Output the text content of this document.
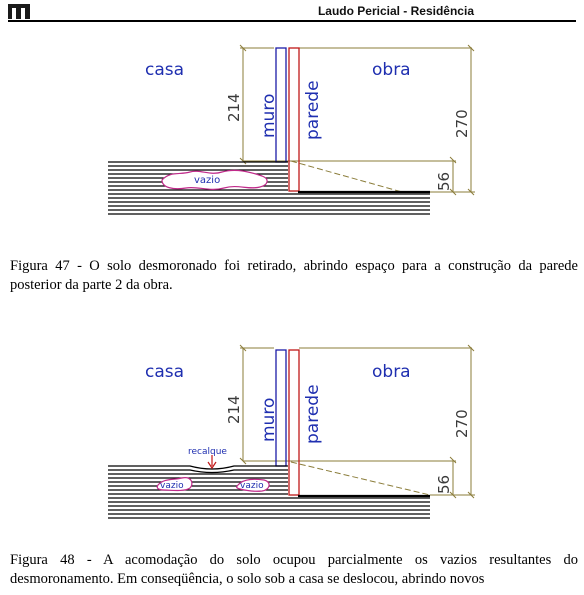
Laudo Pericial - Residência
casa	obra
muro parede
214
270
56
vazio
Figura 47 - O solo desmoronado foi retirado, abrindo espaço para a construção da parede posterior da parte 2 da obra.
casa	obra
muro parede
214	270
56
recalque
vazio	vazio
Figura 48 - A acomodação do solo ocupou parcialmente os vazios resultantes do desmoronamento. Em conseqüência, o solo sob a casa se deslocou, abrindo novos
